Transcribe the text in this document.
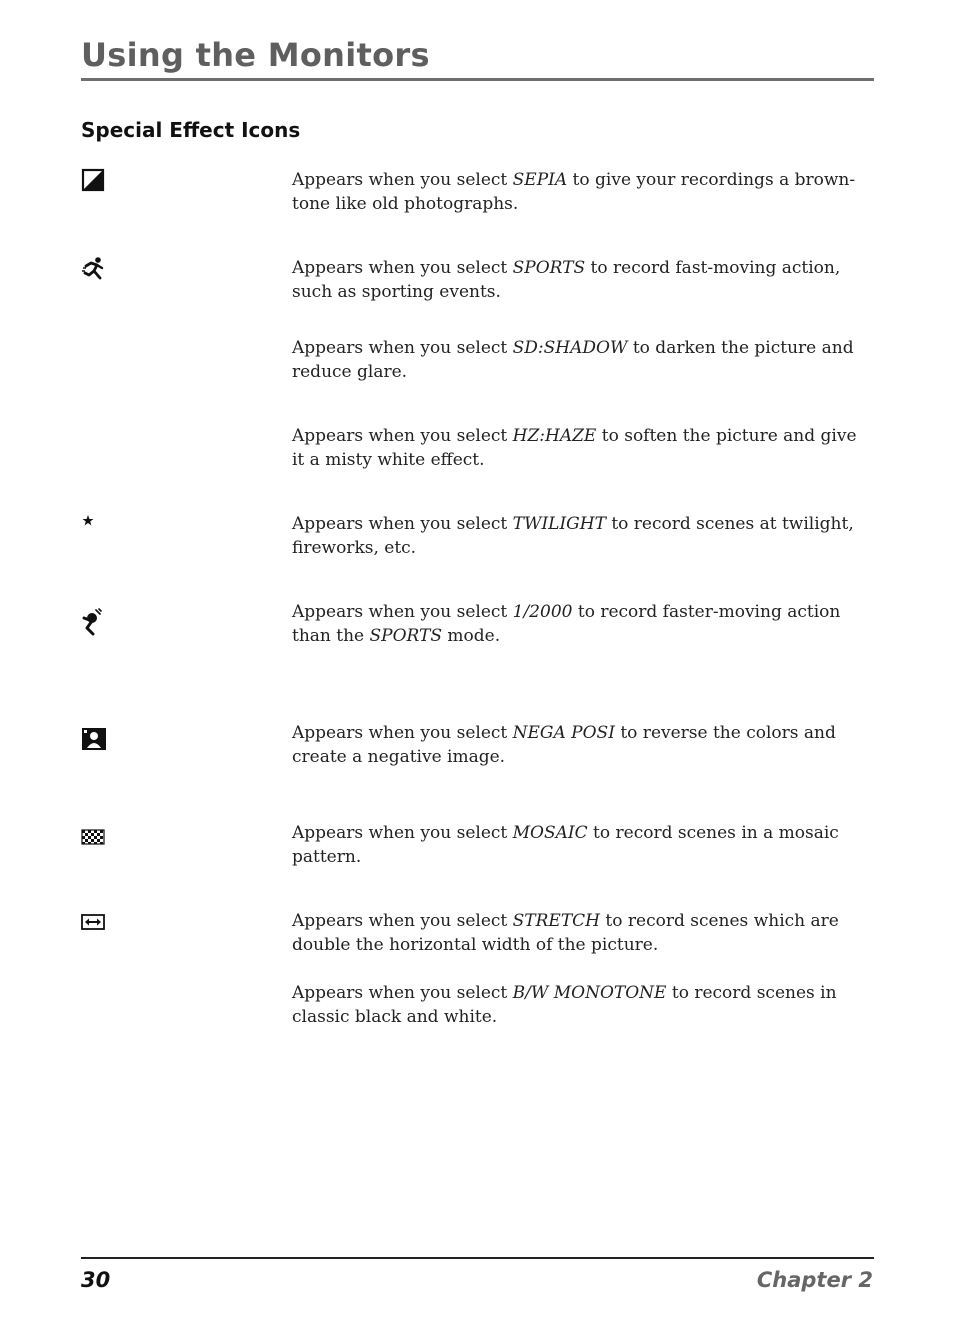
Using the Monitors
Special Effect Icons

Appears when you select SEPIA to give your recordings a brown-tone like old photographs.

Appears when you select SPORTS to record fast-moving action, such as sporting events.

Appears when you select SD:SHADOW to darken the picture and reduce glare.

Appears when you select HZ:HAZE to soften the picture and give it a misty white effect.

Appears when you select TWILIGHT to record scenes at twilight, fireworks, etc.

Appears when you select 1/2000 to record faster-moving action than the SPORTS mode.

Appears when you select NEGA POSI to reverse the colors and create a negative image.

Appears when you select MOSAIC to record scenes in a mosaic pattern.

Appears when you select STRETCH to record scenes which are double the horizontal width of the picture.

Appears when you select B/W MONOTONE to record scenes in classic black and white.

30	Chapter 2
